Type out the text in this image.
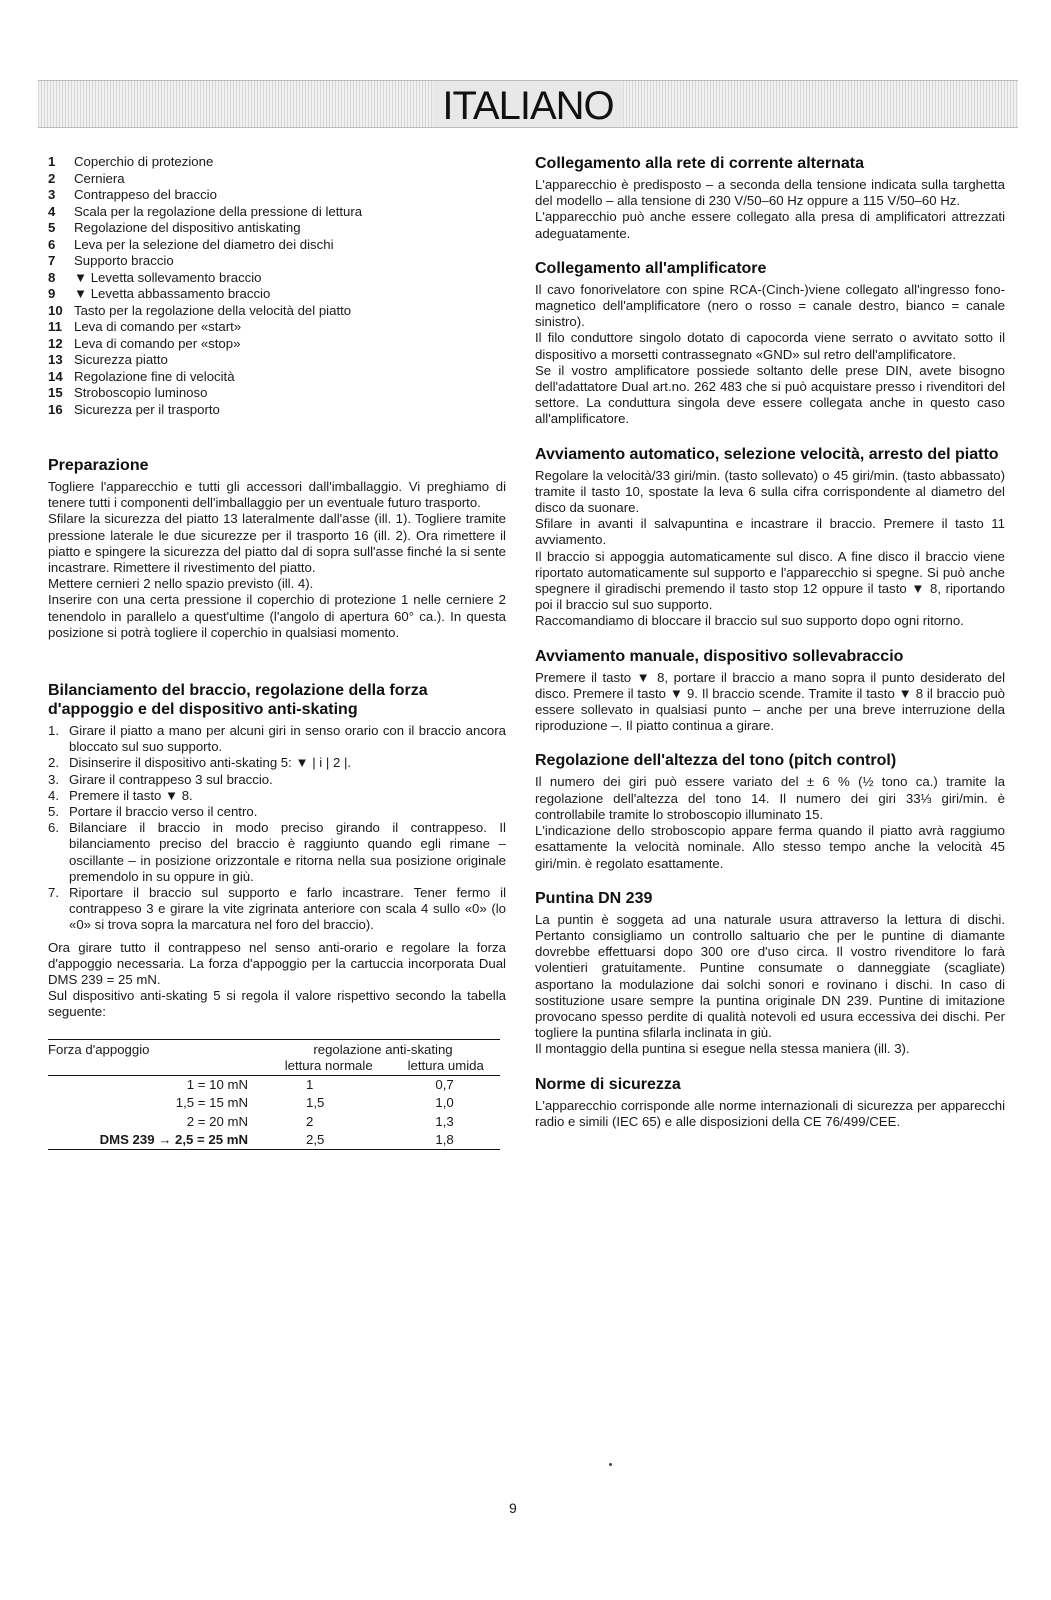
ITALIANO
1	Coperchio di protezione
2	Cerniera
3	Contrappeso del braccio
4	Scala per la regolazione della pressione di lettura
5	Regolazione del dispositivo antiskating
6	Leva per la selezione del diametro dei dischi
7	Supporto braccio
8	▼ Levetta sollevamento braccio
9	▼ Levetta abbassamento braccio
10 Tasto per la regolazione della velocità del piatto
11 Leva di comando per «start»
12 Leva di comando per «stop»
13 Sicurezza piatto
14 Regolazione fine di velocità
15 Stroboscopio luminoso
16 Sicurezza per il trasporto
Preparazione

Togliere l'apparecchio e tutti gli accessori dall'imballaggio. Vi preghiamo di tenere tutti i componenti dell'imballaggio per un eventuale futuro trasporto.

Sfilare la sicurezza del piatto 13 lateralmente dall'asse (ill. 1). Togliere tramite pressione laterale le due sicurezze per il trasporto 16 (ill. 2). Ora rimettere il piatto e spingere la sicurezza del piatto dal di sopra sull'asse finché la si sente incastrare. Rimettere il rivestimento del piatto.

Mettere cernieri 2 nello spazio previsto (ill. 4).

Inserire con una certa pressione il coperchio di protezione 1 nelle cerniere 2 tenendolo in parallelo a quest'ultime (l'angolo di apertura 60° ca.). In questa posizione si potrà togliere il coperchio in qualsiasi momento.

Bilanciamento del braccio, regolazione della forza d'appoggio e del dispositivo anti-skating
1. Girare il piatto a mano per alcuni giri in senso orario con il braccio ancora bloccato sul suo supporto.
2. Disinserire il dispositivo anti-skating 5: ▼ | i | 2 |.
3. Girare il contrappeso 3 sul braccio.
4. Premere il tasto ▼ 8.
5. Portare il braccio verso il centro.
6. Bilanciare il braccio in modo preciso girando il contrappeso. Il bilanciamento preciso del braccio è raggiunto quando egli rimane – oscillante – in posizione orizzontale e ritorna nella sua posizione originale premendolo in su oppure in giù.
7. Riportare il braccio sul supporto e farlo incastrare. Tener fermo il contrappeso 3 e girare la vite zigrinata anteriore con scala 4 sullo «0» (lo «0» si trova sopra la marcatura nel foro del braccio).

Ora girare tutto il contrappeso nel senso anti-orario e regolare la forza d'appoggio necessaria. La forza d'appoggio per la cartuccia incorporata Dual DMS 239 = 25 mN.

Sul dispositivo anti-skating 5 si regola il valore rispettivo secondo la tabella seguente:

Forza d'appoggio	regolazione anti-skating	
	lettura normale	lettura umida
1 = 10 mN	1	0,7
1,5 = 15 mN	1,5	1,0
2 = 20 mN	2	1,3
DMS 239 → 2,5 = 25 mN	2,5	1,8
Collegamento alla rete di corrente alternata

L'apparecchio è predisposto – a seconda della tensione indicata sulla targhetta del modello – alla tensione di 230 V/50–60 Hz oppure a 115 V/50–60 Hz.

L'apparecchio può anche essere collegato alla presa di amplificatori attrezzati adeguatamente.

Collegamento all'amplificatore

Il cavo fonorivelatore con spine RCA-(Cinch-)viene collegato all'ingresso fono-magnetico dell'amplificatore (nero o rosso = canale destro, bianco = canale sinistro).

Il filo conduttore singolo dotato di capocorda viene serrato o avvitato sotto il dispositivo a morsetti contrassegnato «GND» sul retro dell'amplificatore.

Se il vostro amplificatore possiede soltanto delle prese DIN, avete bisogno dell'adattatore Dual art.no. 262 483 che si può acquistare presso i rivenditori del settore. La conduttura singola deve essere collegata anche in questo caso all'amplificatore.

Avviamento automatico, selezione velocità, arresto del piatto

Regolare la velocità/33 giri/min. (tasto sollevato) o 45 giri/min. (tasto abbassato) tramite il tasto 10, spostate la leva 6 sulla cifra corrispondente al diametro del disco da suonare.

Sfilare in avanti il salvapuntina e incastrare il braccio. Premere il tasto 11 avviamento.

Il braccio si appoggia automaticamente sul disco. A fine disco il braccio viene riportato automaticamente sul supporto e l'apparecchio si spegne. Si può anche spegnere il giradischi premendo il tasto stop 12 oppure il tasto ▼ 8, riportando poi il braccio sul suo supporto.

Raccomandiamo di bloccare il braccio sul suo supporto dopo ogni ritorno.

Avviamento manuale, dispositivo sollevabraccio

Premere il tasto ▼ 8, portare il braccio a mano sopra il punto desiderato del disco. Premere il tasto ▼ 9. Il braccio scende. Tramite il tasto ▼ 8 il braccio può essere sollevato in qualsiasi punto – anche per una breve interruzione della riproduzione –. Il piatto continua a girare.

Regolazione dell'altezza del tono (pitch control)

Il numero dei giri può essere variato del ± 6 % (½ tono ca.) tramite la regolazione dell'altezza del tono 14. Il numero dei giri 33⅓ giri/min. è controllabile tramite lo stroboscopio illuminato 15.

L'indicazione dello stroboscopio appare ferma quando il piatto avrà raggiumo esattamente la velocità nominale. Allo stesso tempo anche la velocità 45 giri/min. è regolato esattamente.

Puntina DN 239

La puntin è soggeta ad una naturale usura attraverso la lettura di dischi. Pertanto consigliamo un controllo saltuario che per le puntine di diamante dovrebbe effettuarsi dopo 300 ore d'uso circa. Il vostro rivenditore lo farà volentieri gratuitamente. Puntine consumate o danneggiate (scagliate) asportano la modulazione dai solchi sonori e rovinano i dischi. In caso di sostituzione usare sempre la puntina originale DN 239. Puntine di imitazione provocano spesso perdite di qualità notevoli ed usura eccessiva dei dischi. Per togliere la puntina sfilarla inclinata in giù.

Il montaggio della puntina si esegue nella stessa maniera (ill. 3).

Norme di sicurezza

L'apparecchio corrisponde alle norme internazionali di sicurezza per apparecchi radio e simili (IEC 65) e alle disposizioni della CE 76/499/CEE.

9
